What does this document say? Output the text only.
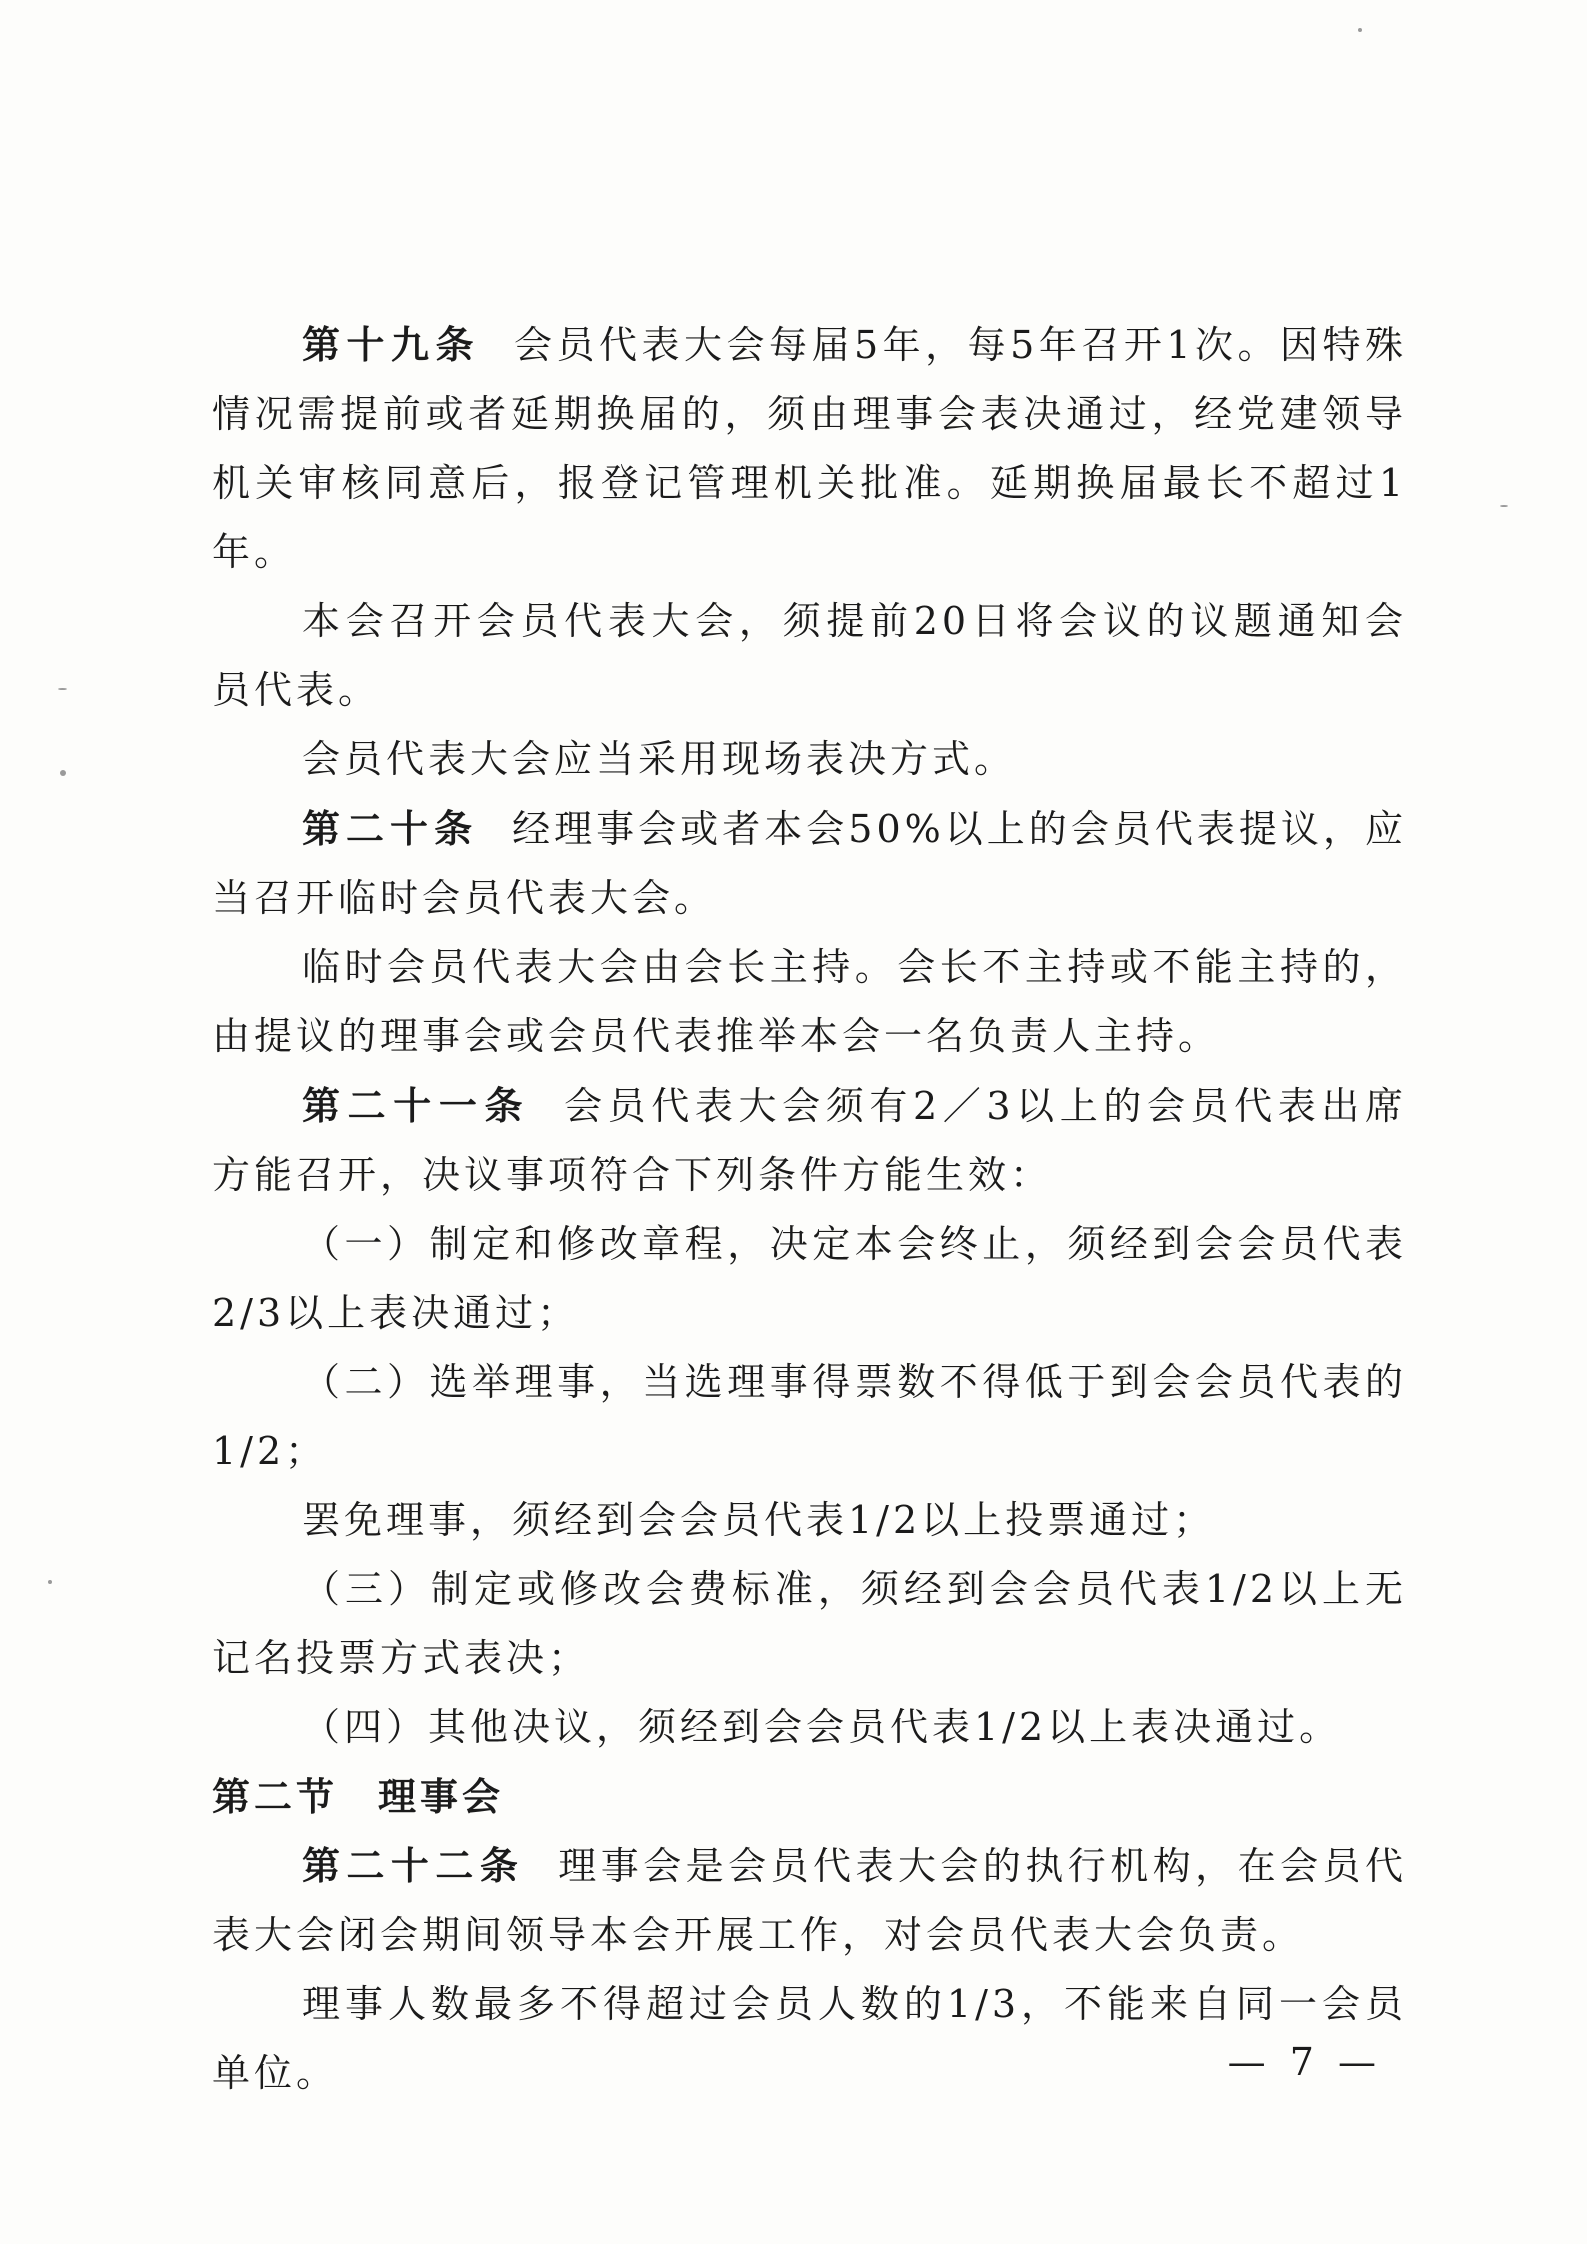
第十九条 会员代表大会每届5年，每5年召开1次。因特殊情况需提前或者延期换届的，须由理事会表决通过，经党建领导机关审核同意后，报登记管理机关批准。延期换届最长不超过1年。

本会召开会员代表大会，须提前20日将会议的议题通知会员代表。

会员代表大会应当采用现场表决方式。

第二十条 经理事会或者本会50%以上的会员代表提议，应当召开临时会员代表大会。

临时会员代表大会由会长主持。会长不主持或不能主持的，由提议的理事会或会员代表推举本会一名负责人主持。

第二十一条 会员代表大会须有2／3以上的会员代表出席方能召开，决议事项符合下列条件方能生效：

（一）制定和修改章程，决定本会终止，须经到会会员代表2/3以上表决通过；

（二）选举理事，当选理事得票数不得低于到会会员代表的1/2；

罢免理事，须经到会会员代表1/2以上投票通过；

（三）制定或修改会费标准，须经到会会员代表1/2以上无记名投票方式表决；

（四）其他决议，须经到会会员代表1/2以上表决通过。

第二节 理事会

第二十二条 理事会是会员代表大会的执行机构，在会员代表大会闭会期间领导本会开展工作，对会员代表大会负责。

理事人数最多不得超过会员人数的1/3，不能来自同一会员单位。	— 7 —
